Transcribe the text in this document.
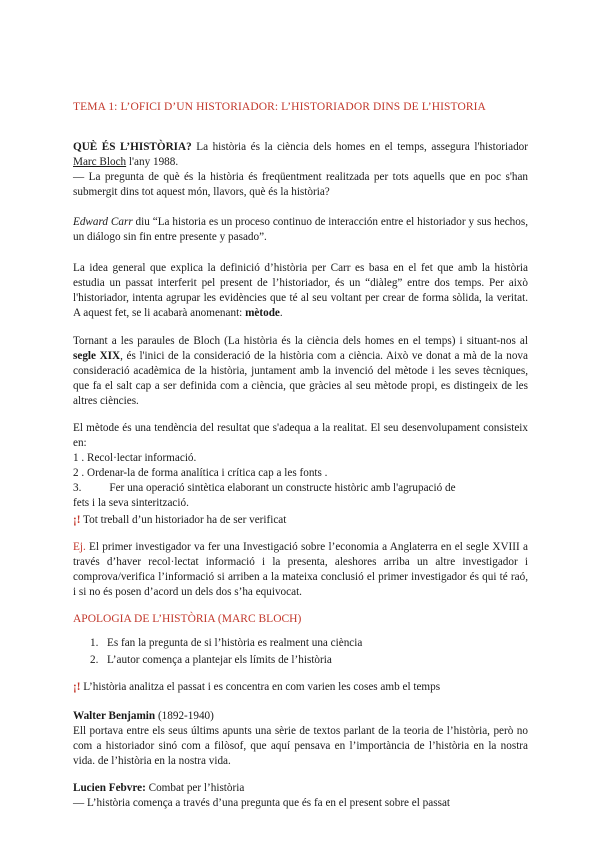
TEMA 1: L’OFICI D’UN HISTORIADOR: L’HISTORIADOR DINS DE L’HISTORIA

QUÈ ÉS L’HISTÒRIA? La història és la ciència dels homes en el temps, assegura l'historiador Marc Bloch l'any 1988.
— La pregunta de què és la història és freqüentment realitzada per tots aquells que en poc s'han submergit dins tot aquest món, llavors, què és la història?

Edward Carr diu “La historia es un proceso continuo de interacción entre el historiador y sus hechos, un diálogo sin fin entre presente y pasado”.

La idea general que explica la definició d’història per Carr es basa en el fet que amb la història estudia un passat interferit pel present de l’historiador, és un “diàleg” entre dos temps. Per això l'historiador, intenta agrupar les evidències que té al seu voltant per crear de forma sòlida, la veritat. A aquest fet, se li acabarà anomenant: mètode.

Tornant a les paraules de Bloch (La història és la ciència dels homes en el temps) i situant-nos al segle XIX, és l'inici de la consideració de la història com a ciència. Això ve donat a mà de la nova consideració acadèmica de la història, juntament amb la invenció del mètode i les seves tècniques, que fa el salt cap a ser definida com a ciència, que gràcies al seu mètode propi, es distingeix de les altres ciències.

El mètode és una tendència del resultat que s'adequa a la realitat. El seu desenvolupament consisteix en:
1 . Recol·lectar informació.
2 . Ordenar-la de forma analítica i crítica cap a les fonts .
3.          Fer una operació sintètica elaborant un constructe històric amb l'agrupació de
fets i la seva sinterització.
¡! Tot treball d’un historiador ha de ser verificat

Ej. El primer investigador va fer una Investigació sobre l’economia a Anglaterra en el segle XVIII a través d’haver recol·lectat informació i la presenta, aleshores arriba un altre investigador i comprova/verifica l’informació si arriben a la mateixa conclusió el primer investigador és qui té raó, i si no és posen d’acord un dels dos s’ha equivocat.

APOLOGIA DE L’HISTÒRIA (MARC BLOCH)

1. Es fan la pregunta de si l’història es realment una ciència
2. L’autor comença a plantejar els límits de l’història

¡! L’història analitza el passat i es concentra en com varien les coses amb el temps

Walter Benjamin (1892-1940)
Ell portava entre els seus últims apunts una sèrie de textos parlant de la teoria de l’història, però no com a historiador sinó com a filòsof, que aquí pensava en l’importància de l’història en la nostra vida. de l’història en la nostra vida.

Lucien Febvre: Combat per l’història
— L’història comença a través d’una pregunta que és fa en el present sobre el passat
